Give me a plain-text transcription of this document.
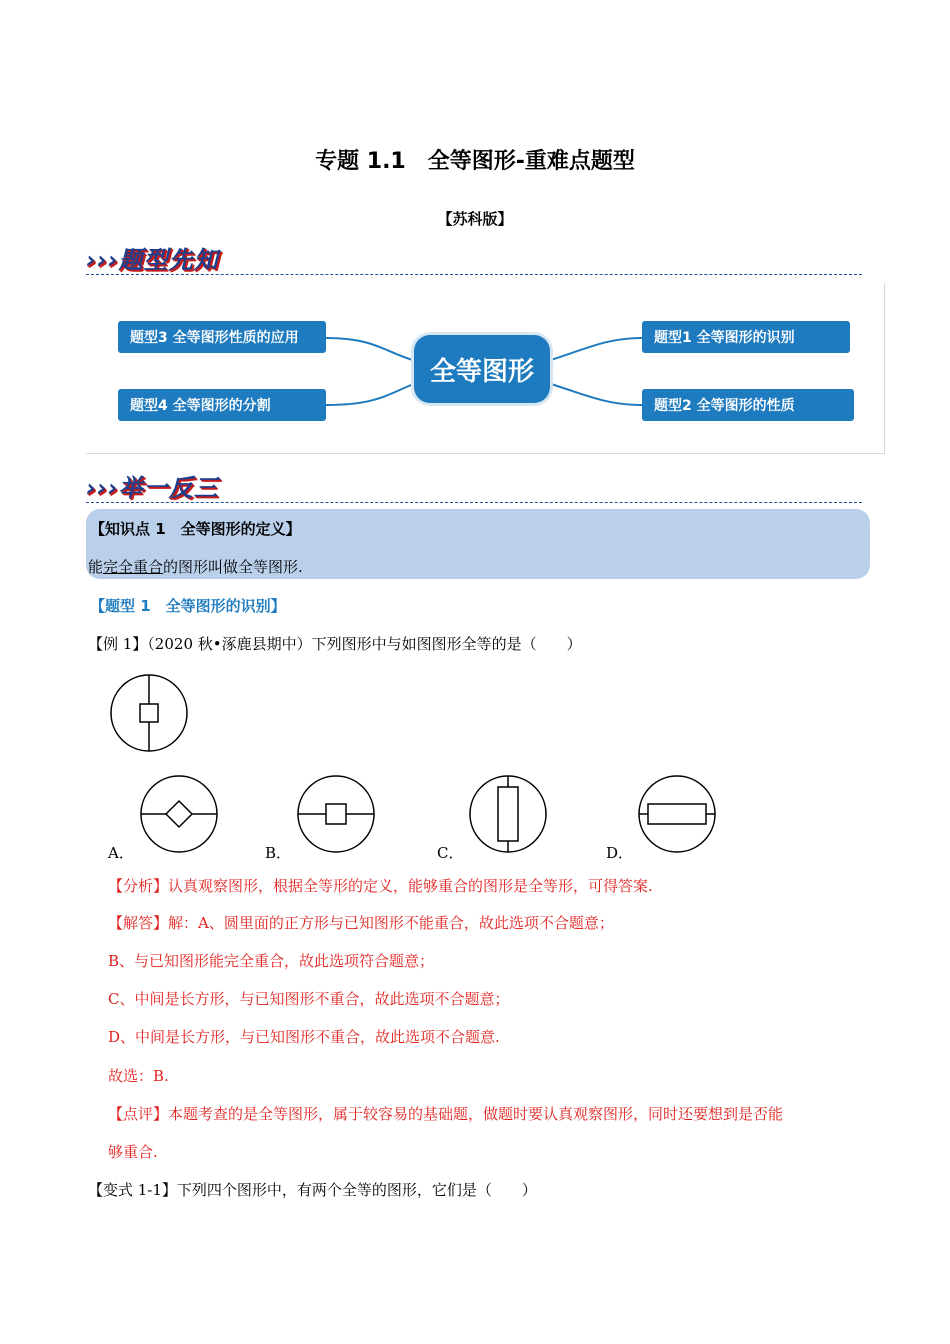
专题 1.1　全等图形-重难点题型
【苏科版】
›››题型先知
题型3 全等图形性质的应用
题型4 全等图形的分割
全等图形
题型1 全等图形的识别
题型2 全等图形的性质
›››举一反三
【知识点 1　全等图形的定义】
能完全重合的图形叫做全等图形.
【题型 1　全等图形的识别】
【例 1】（2020 秋•涿鹿县期中）下列图形中与如图图形全等的是（　　）
A．	B．	C．	D．
【分析】认真观察图形，根据全等形的定义，能够重合的图形是全等形，可得答案.
【解答】解：A、圆里面的正方形与已知图形不能重合，故此选项不合题意；
B、与已知图形能完全重合，故此选项符合题意；
C、中间是长方形，与已知图形不重合，故此选项不合题意；
D、中间是长方形，与已知图形不重合，故此选项不合题意.
故选：B.
【点评】本题考查的是全等图形，属于较容易的基础题，做题时要认真观察图形，同时还要想到是否能
够重合.
【变式 1-1】下列四个图形中，有两个全等的图形，它们是（　　）
